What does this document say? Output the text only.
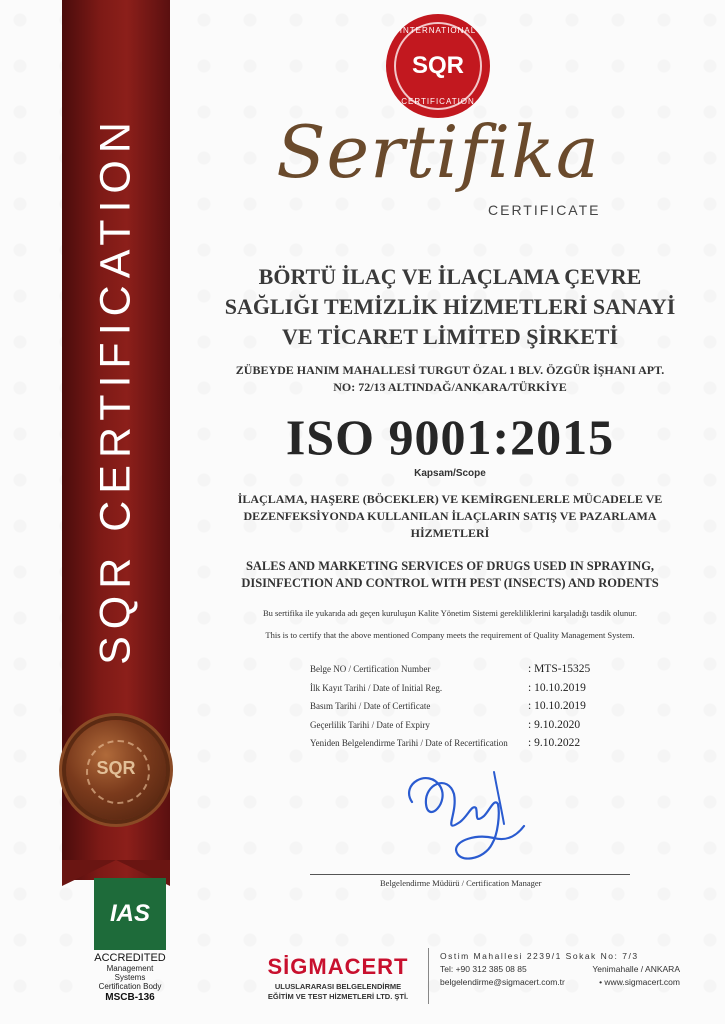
SQR CERTIFICATION
SQR
IAS
ACCREDITED
Management
Systems
Certification Body
MSCB-136
INTERNATIONAL
SQR
CERTIFICATION
Sertifika
CERTIFICATE
BÖRTÜ İLAÇ VE İLAÇLAMA ÇEVRE
SAĞLIĞI TEMİZLİK HİZMETLERİ SANAYİ
VE TİCARET LİMİTED ŞİRKETİ
ZÜBEYDE HANIM MAHALLESİ TURGUT ÖZAL 1 BLV. ÖZGÜR İŞHANI APT.
NO: 72/13 ALTINDAĞ/ANKARA/TÜRKİYE
ISO 9001:2015
Kapsam/Scope
İLAÇLAMA, HAŞERE (BÖCEKLER) VE KEMİRGENLERLE MÜCADELE VE
DEZENFEKSİYONDA KULLANILAN İLAÇLARIN SATIŞ VE PAZARLAMA
HİZMETLERİ
SALES AND MARKETING SERVICES OF DRUGS USED IN SPRAYING,
DISINFECTION AND CONTROL WITH PEST (INSECTS) AND RODENTS
Bu sertifika ile yukarıda adı geçen kuruluşun Kalite Yönetim Sistemi gerekliliklerini karşıladığı tasdik olunur.
This is to certify that the above mentioned Company meets the requirement of Quality Management System.
Belge NO / Certification Number	: MTS-15325
İlk Kayıt Tarihi / Date of Initial Reg.	: 10.10.2019
Basım Tarihi / Date of Certificate	: 10.10.2019
Geçerlilik Tarihi / Date of Expiry	: 9.10.2020
Yeniden Belgelendirme Tarihi / Date of Recertification	: 9.10.2022
Belgelendirme Müdürü / Certification Manager
SİGMACERT
ULUSLARARASI BELGELENDİRME
EĞİTİM VE TEST HİZMETLERİ LTD. ŞTİ.
Ostim Mahallesi 2239/1 Sokak No: 7/3
Tel: +90 312 385 08 85	Yenimahalle / ANKARA
belgelendirme@sigmacert.com.tr	• www.sigmacert.com
